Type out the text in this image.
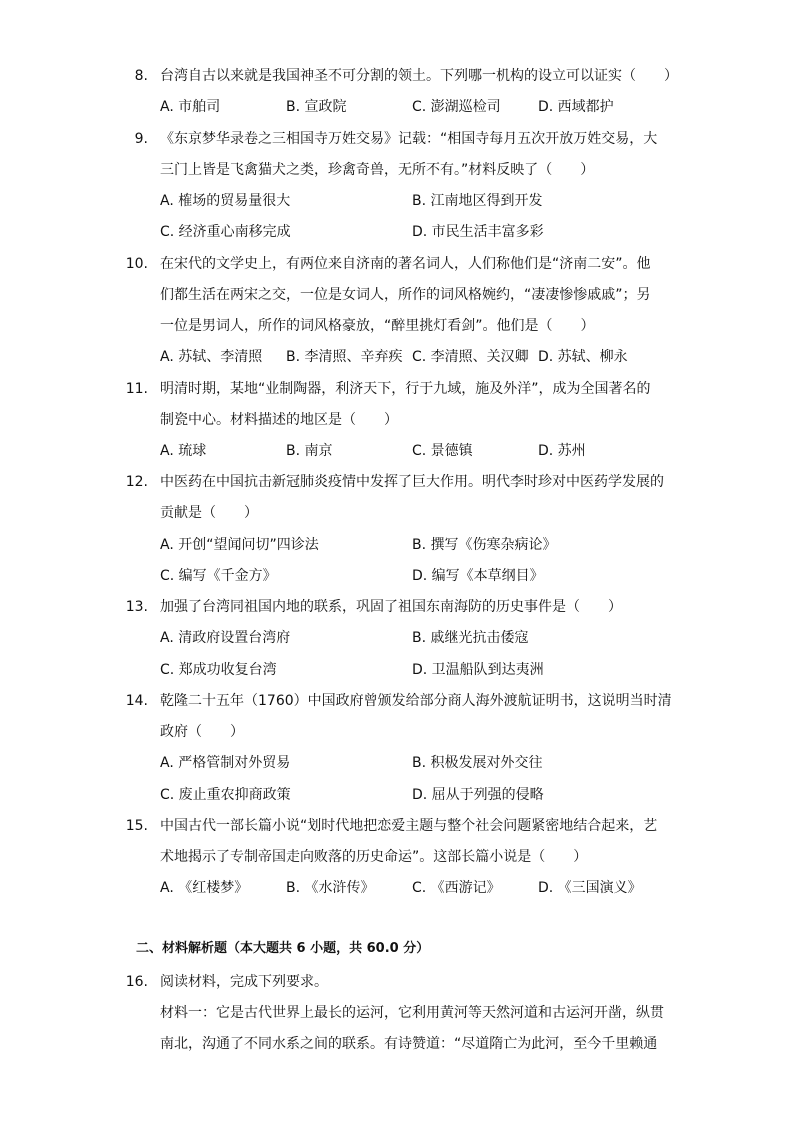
8. 台湾自古以来就是我国神圣不可分割的领土。下列哪一机构的设立可以证实（　　）
A. 市舶司	B. 宣政院	C. 澎湖巡检司	D. 西域都护
9. 《东京梦华录卷之三相国寺万姓交易》记载：“相国寺每月五次开放万姓交易，大
三门上皆是飞禽猫犬之类，珍禽奇兽，无所不有。”材料反映了（　　）
A. 榷场的贸易量很大	B. 江南地区得到开发
C. 经济重心南移完成	D. 市民生活丰富多彩
10. 在宋代的文学史上，有两位来自济南的著名词人，人们称他们是“济南二安”。他
们都生活在两宋之交，一位是女词人，所作的词风格婉约，“凄凄惨惨戚戚”；另
一位是男词人，所作的词风格豪放，“醉里挑灯看剑”。他们是（　　）
A. 苏轼、李清照 B. 李清照、辛弃疾 C. 李清照、关汉卿 D. 苏轼、柳永
11. 明清时期，某地“业制陶器，利济天下，行于九域，施及外洋”，成为全国著名的
制瓷中心。材料描述的地区是（　　）
A. 琉球	B. 南京	C. 景德镇	D. 苏州
12. 中医药在中国抗击新冠肺炎疫情中发挥了巨大作用。明代李时珍对中医药学发展的
贡献是（　　）
A. 开创“望闻问切”四诊法	B. 撰写《伤寒杂病论》
C. 编写《千金方》	D. 编写《本草纲目》
13. 加强了台湾同祖国内地的联系，巩固了祖国东南海防的历史事件是（　　）
A. 清政府设置台湾府	B. 戚继光抗击倭寇
C. 郑成功收复台湾	D. 卫温船队到达夷洲
14. 乾隆二十五年（1760）中国政府曾颁发给部分商人海外渡航证明书，这说明当时清
政府（　　）
A. 严格管制对外贸易	B. 积极发展对外交往
C. 废止重农抑商政策	D. 屈从于列强的侵略
15. 中国古代一部长篇小说“划时代地把恋爱主题与整个社会问题紧密地结合起来，艺
术地揭示了专制帝国走向败落的历史命运”。这部长篇小说是（　　）
A. 《红楼梦》	B. 《水浒传》	C. 《西游记》	D. 《三国演义》
二、材料解析题（本大题共 6 小题，共 60.0 分）
16. 阅读材料，完成下列要求。
材料一：它是古代世界上最长的运河，它利用黄河等天然河道和古运河开凿，纵贯
南北，沟通了不同水系之间的联系。有诗赞道：“尽道隋亡为此河，至今千里赖通
